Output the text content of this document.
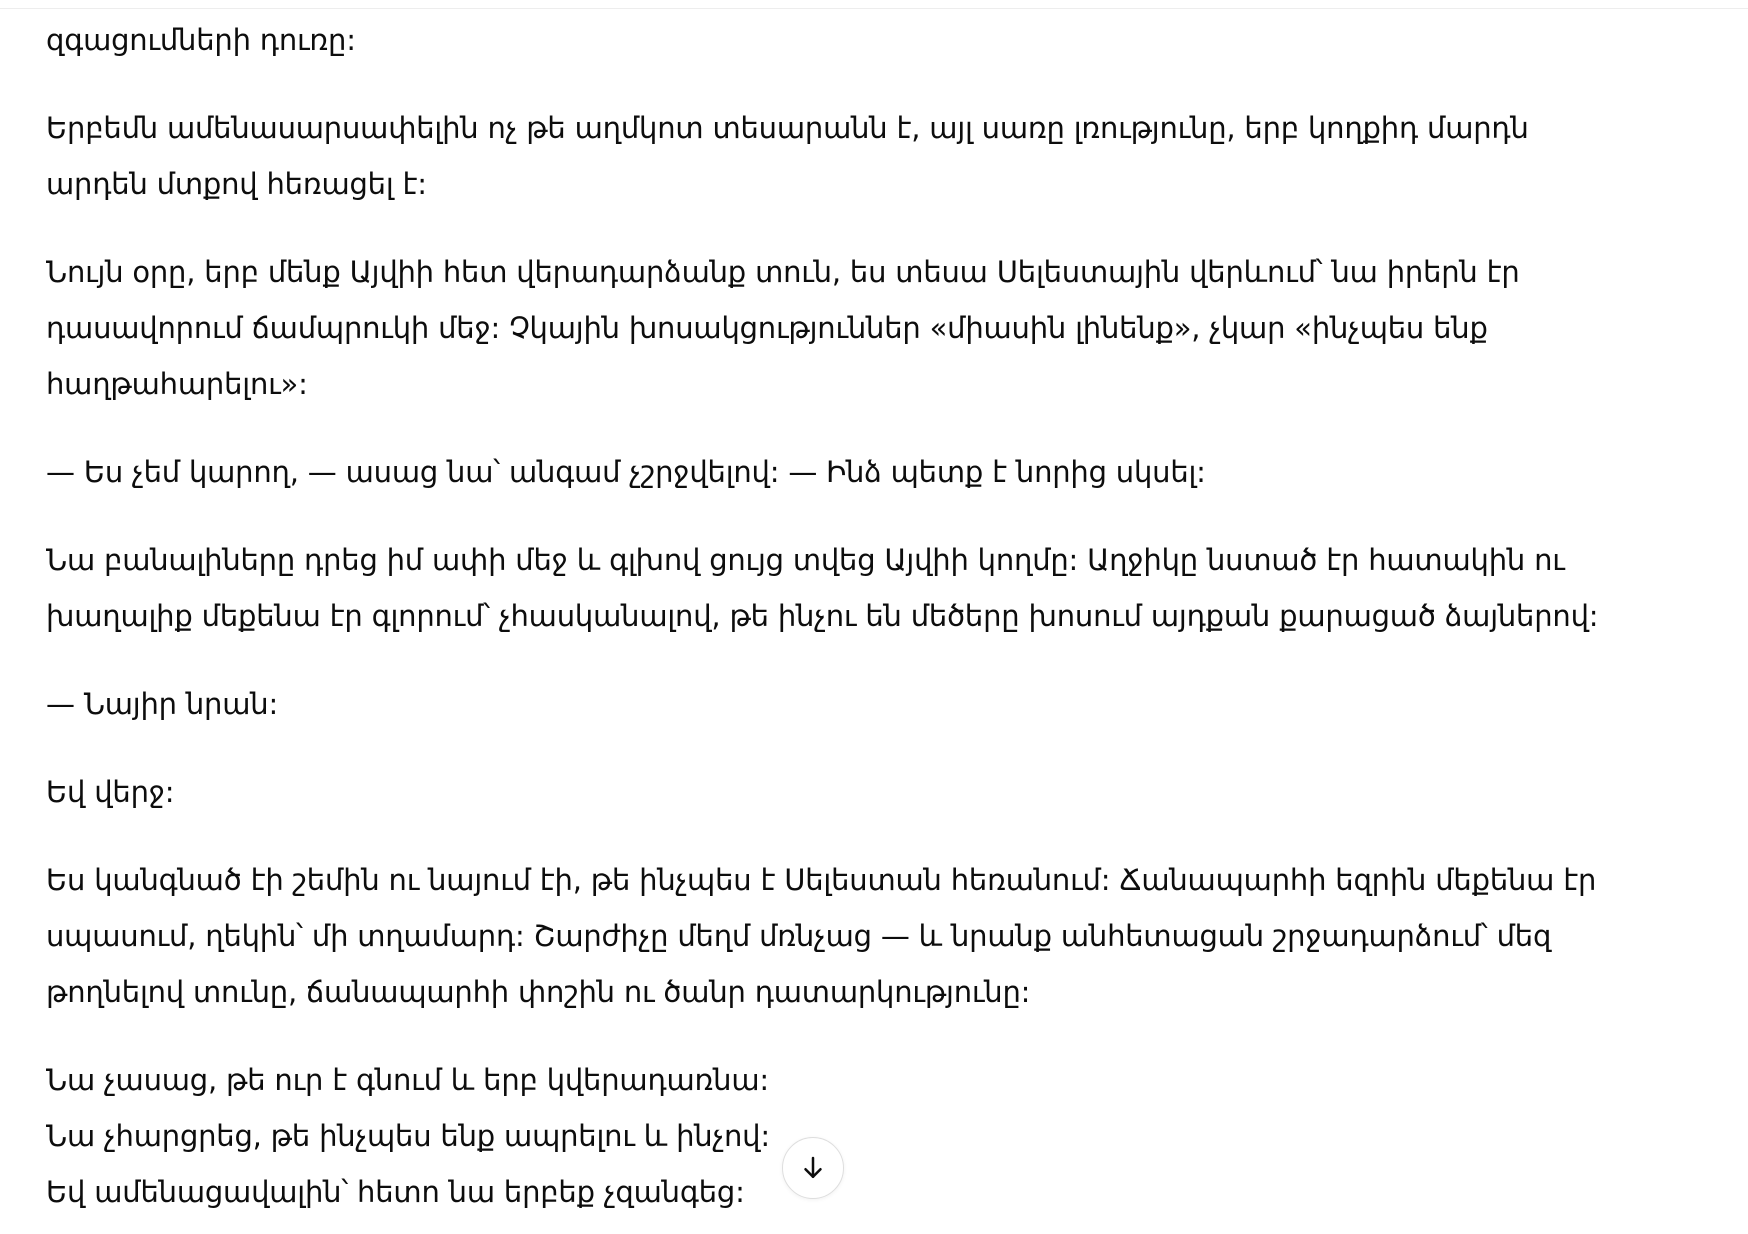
զգացումների դուռը:

Երբեմն ամենասարսափելին ոչ թե աղմկոտ տեսարանն է, այլ սառը լռությունը, երբ կողքիդ մարդն
արդեն մտքով հեռացել է:

Նույն օրը, երբ մենք Այվիի հետ վերադարձանք տուն, ես տեսա Սելեստային վերևում՝ նա իրերն էր
դասավորում ճամպրուկի մեջ: Չկային խոսակցություններ «միասին լինենք», չկար «ինչպես ենք
հաղթահարելու»:

— Ես չեմ կարող, — ասաց նա՝ անգամ չշրջվելով: — Ինձ պետք է նորից սկսել:

Նա բանալիները դրեց իմ ափի մեջ և գլխով ցույց տվեց Այվիի կողմը: Աղջիկը նստած էր հատակին ու
խաղալիք մեքենա էր գլորում՝ չհասկանալով, թե ինչու են մեծերը խոսում այդքան քարացած ձայներով:

— Նայիր նրան:

Եվ վերջ:

Ես կանգնած էի շեմին ու նայում էի, թե ինչպես է Սելեստան հեռանում: Ճանապարհի եզրին մեքենա էր
սպասում, ղեկին՝ մի տղամարդ: Շարժիչը մեղմ մռնչաց — և նրանք անհետացան շրջադարձում՝ մեզ
թողնելով տունը, ճանապարհի փոշին ու ծանր դատարկությունը:

Նա չասաց, թե ուր է գնում և երբ կվերադառնա:
Նա չհարցրեց, թե ինչպես ենք ապրելու և ինչով:
Եվ ամենացավալին՝ հետո նա երբեք չզանգեց:
